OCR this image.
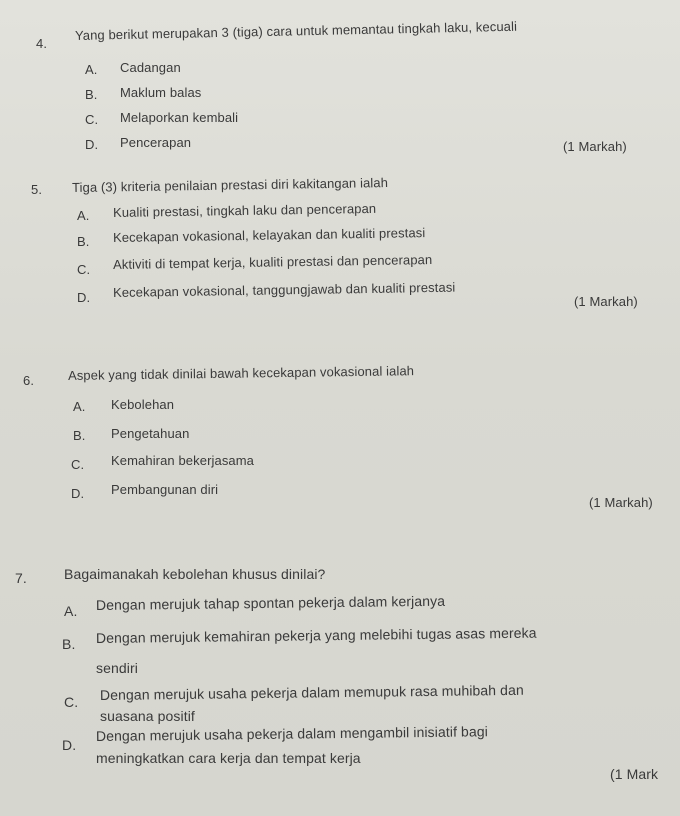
4.
Yang berikut merupakan 3 (tiga) cara untuk memantau tingkah laku, kecuali
A. Cadangan
B. Maklum balas
C. Melaporkan kembali
D. Pencerapan	(1 Markah)
5. Tiga (3) kriteria penilaian prestasi diri kakitangan ialah
A. Kualiti prestasi, tingkah laku dan pencerapan
B. Kecekapan vokasional, kelayakan dan kualiti prestasi
C. Aktiviti di tempat kerja, kualiti prestasi dan pencerapan
D. Kecekapan vokasional, tanggungjawab dan kualiti prestasi
(1 Markah)
6.	Aspek yang tidak dinilai bawah kecekapan vokasional ialah
A. Kebolehan
B. Pengetahuan
C. Kemahiran bekerjasama
D. Pembangunan diri
(1 Markah)
7.	Bagaimanakah kebolehan khusus dinilai?
A. Dengan merujuk tahap spontan pekerja dalam kerjanya
B. Dengan merujuk kemahiran pekerja yang melebihi tugas asas mereka
sendiri
C. Dengan merujuk usaha pekerja dalam memupuk rasa muhibah dan
suasana positif
D.
Dengan merujuk usaha pekerja dalam mengambil inisiatif bagi
meningkatkan cara kerja dan tempat kerja
(1 Mark
